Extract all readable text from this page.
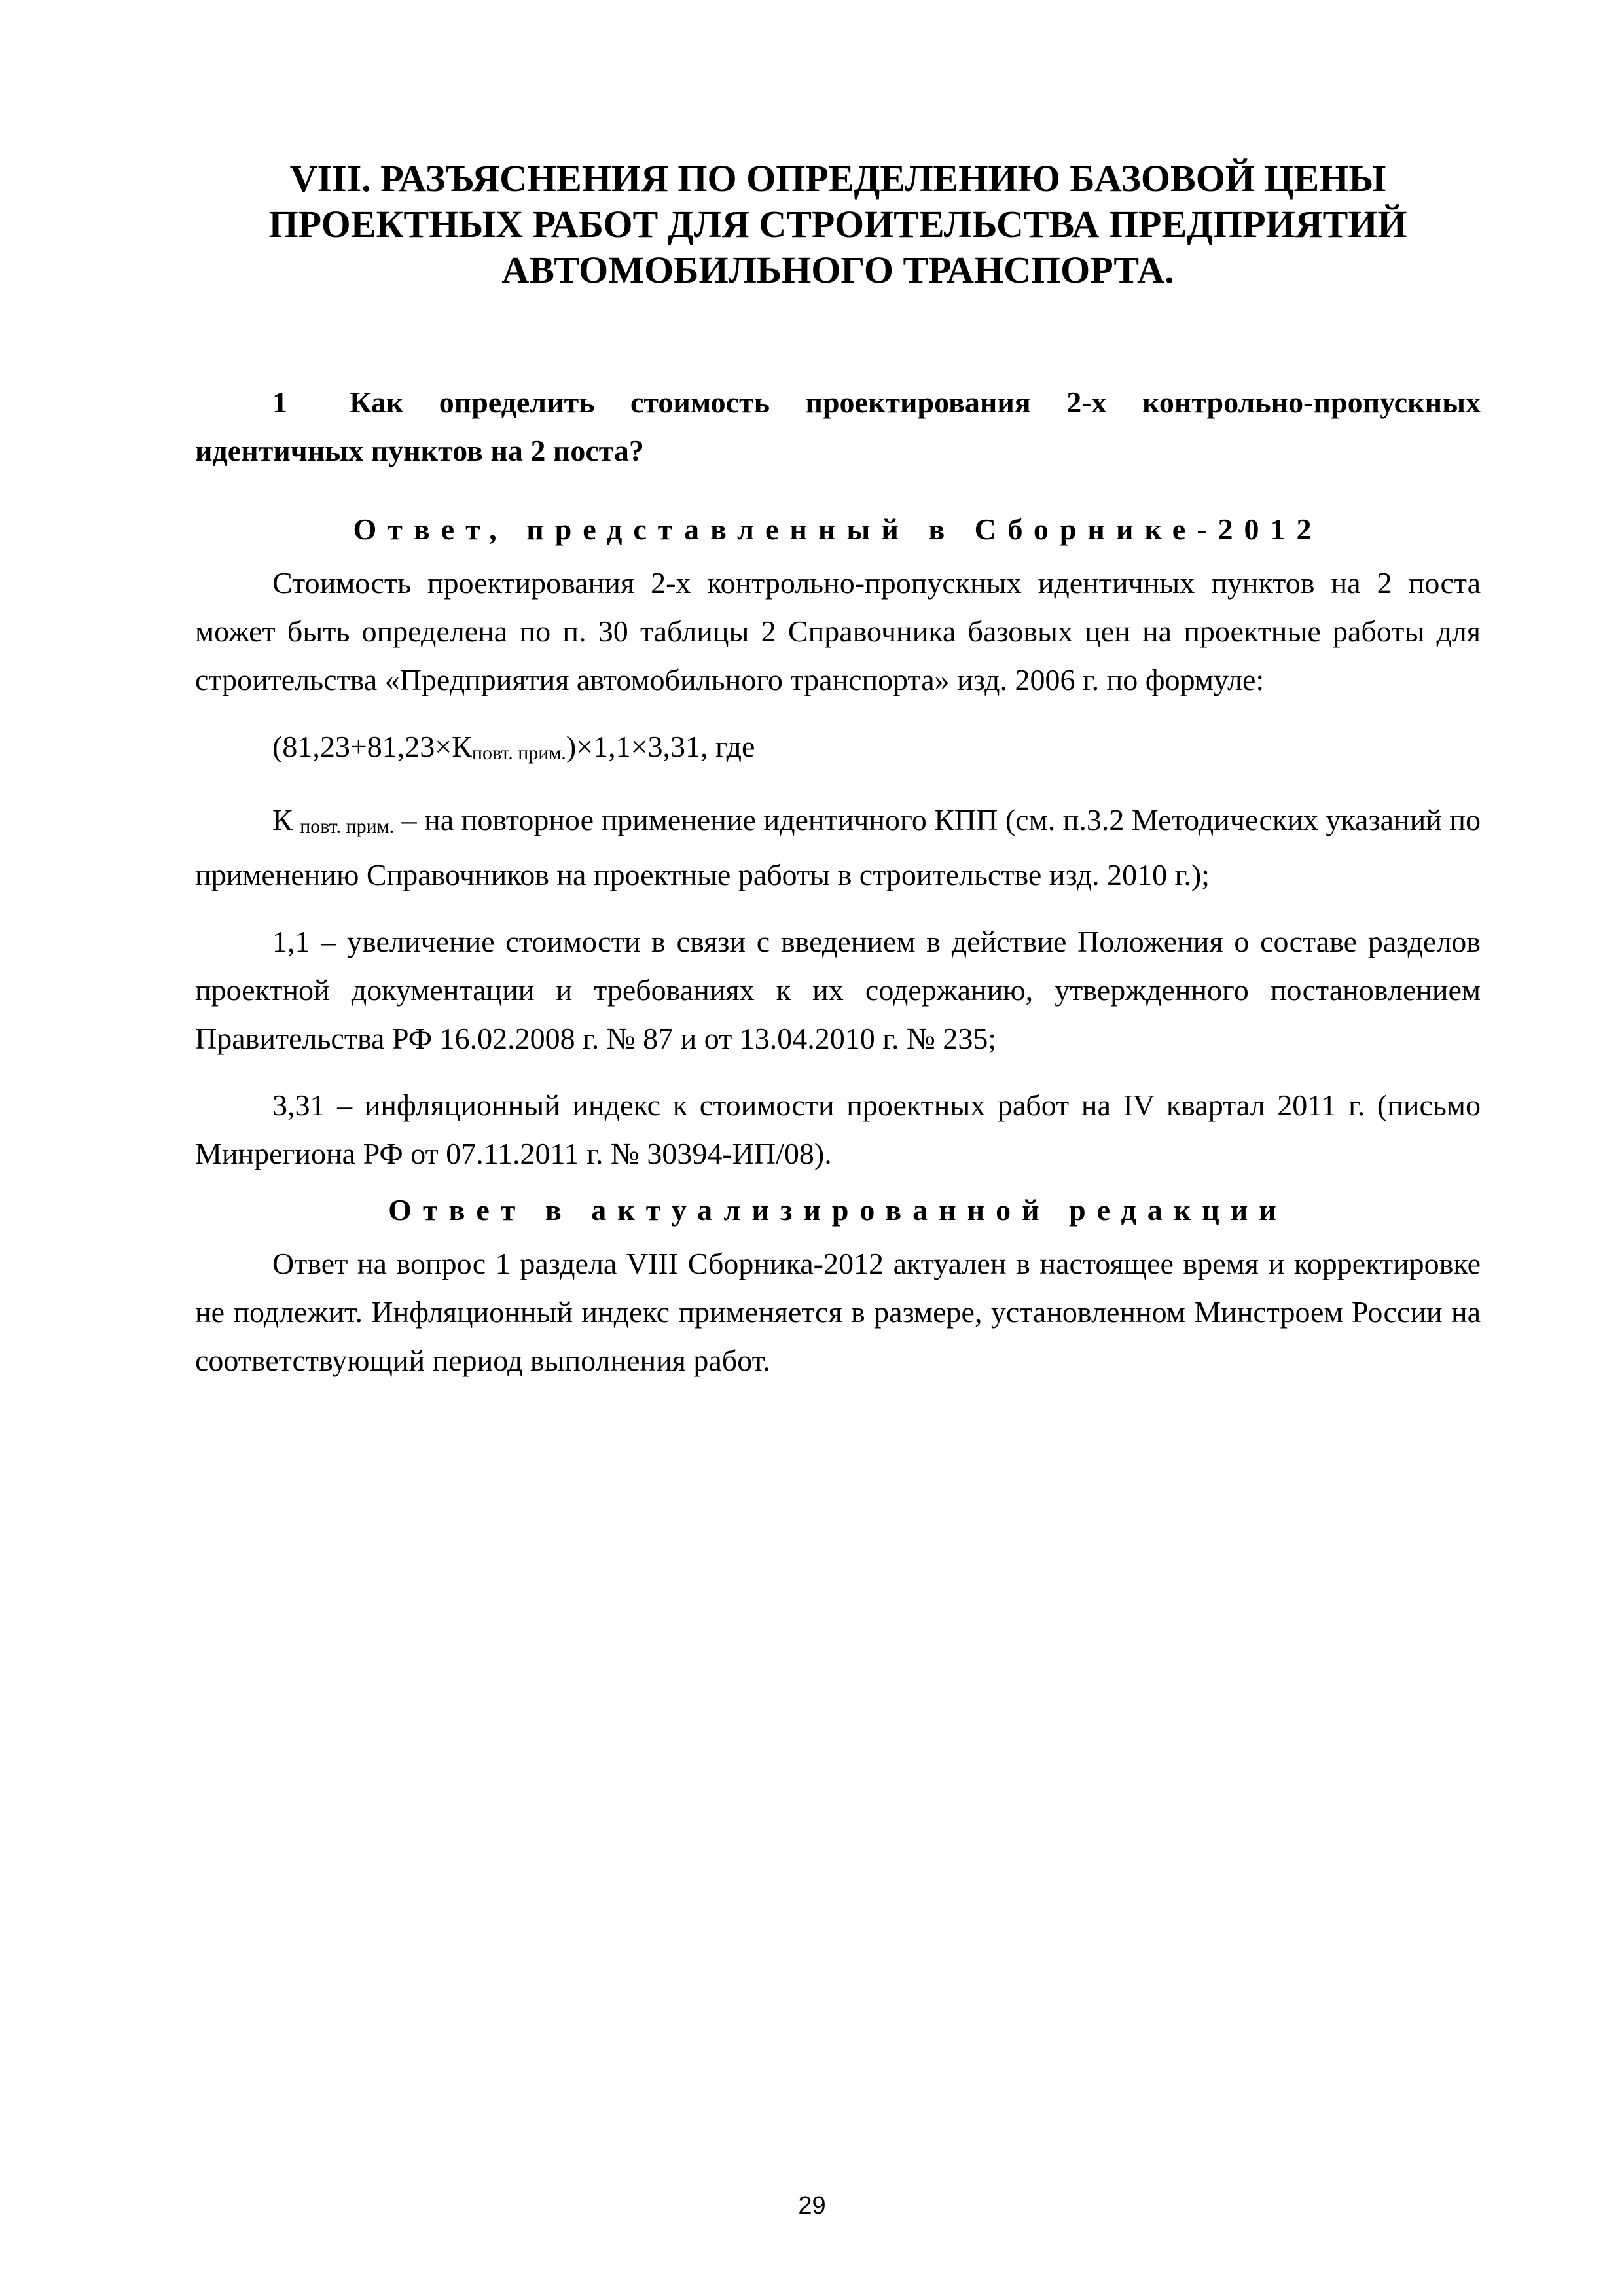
VIII. РАЗЪЯСНЕНИЯ ПО ОПРЕДЕЛЕНИЮ БАЗОВОЙ ЦЕНЫ
ПРОЕКТНЫХ РАБОТ ДЛЯ СТРОИТЕЛЬСТВА ПРЕДПРИЯТИЙ
АВТОМОБИЛЬНОГО ТРАНСПОРТА.

1 Как определить стоимость проектирования 2-х контрольно-пропускных идентичных пунктов на 2 поста?

Ответ, представленный в Сборнике-2012

Стоимость проектирования 2-х контрольно-пропускных идентичных пунктов на 2 поста может быть определена по п. 30 таблицы 2 Справочника базовых цен на проектные работы для строительства «Предприятия автомобильного транспорта» изд. 2006 г. по формуле:

(81,23+81,23×Кповт. прим.)×1,1×3,31, где

К повт. прим. – на повторное применение идентичного КПП (см. п.3.2 Методических указаний по применению Справочников на проектные работы в строительстве изд. 2010 г.);

1,1 – увеличение стоимости в связи с введением в действие Положения о составе разделов проектной документации и требованиях к их содержанию, утвержденного постановлением Правительства РФ 16.02.2008 г. № 87 и от 13.04.2010 г. № 235;

3,31 – инфляционный индекс к стоимости проектных работ на IV квартал 2011 г. (письмо Минрегиона РФ от 07.11.2011 г. № 30394-ИП/08).

Ответ в актуализированной редакции

Ответ на вопрос 1 раздела VIII Сборника-2012 актуален в настоящее время и корректировке не подлежит. Инфляционный индекс применяется в размере, установленном Минстроем России на соответствующий период выполнения работ.

29
